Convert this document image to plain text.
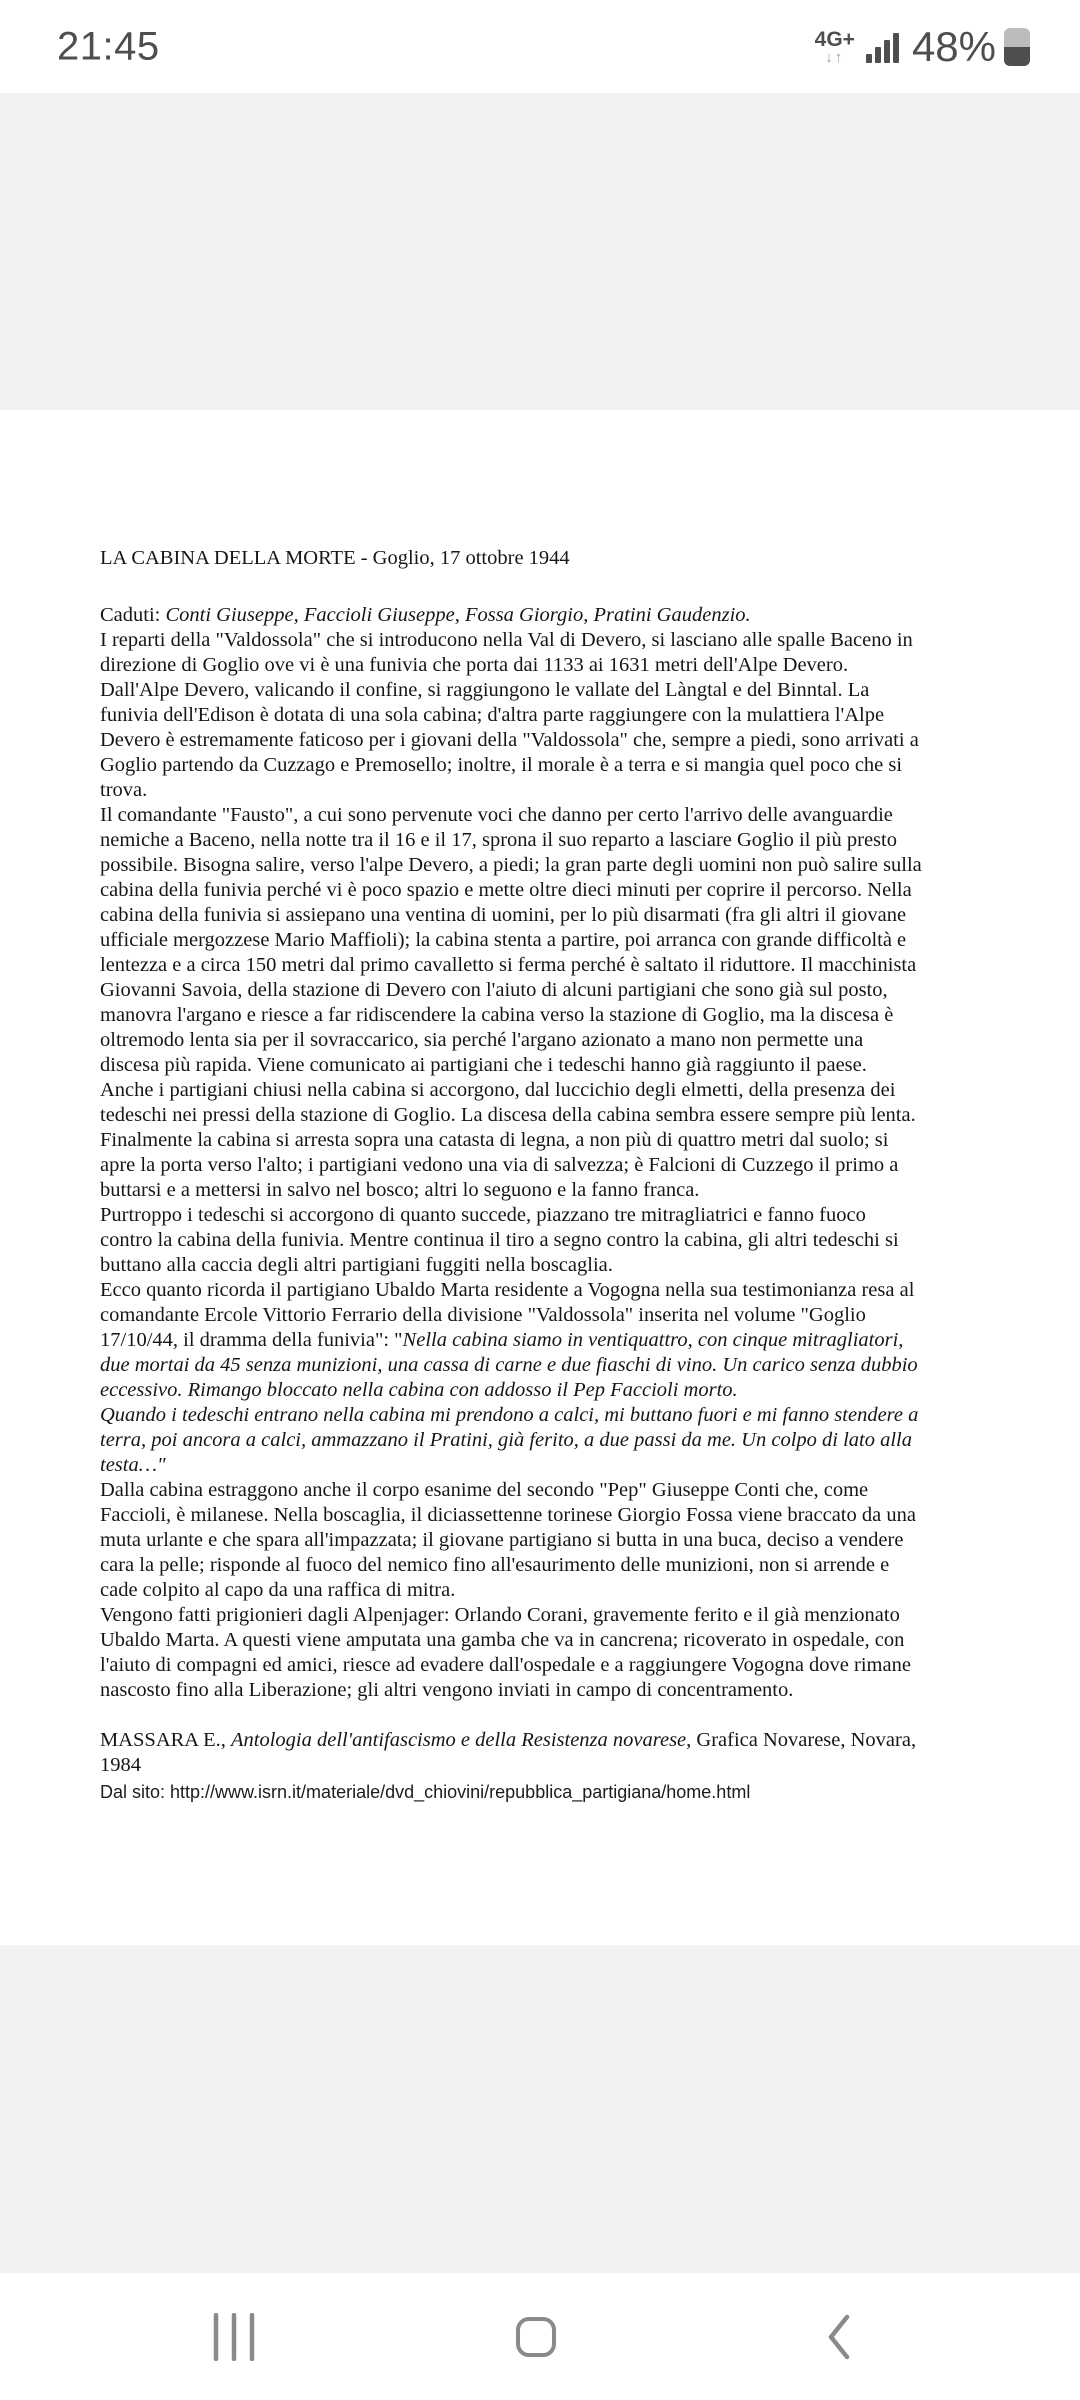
21:45	4G+
↓↑ 48%
LA CABINA DELLA MORTE - Goglio, 17 ottobre 1944
Caduti: Conti Giuseppe, Faccioli Giuseppe, Fossa Giorgio, Pratini Gaudenzio.
I reparti della "Valdossola" che si introducono nella Val di Devero, si lasciano alle spalle Baceno in
direzione di Goglio ove vi è una funivia che porta dai 1133 ai 1631 metri dell'Alpe Devero.
Dall'Alpe Devero, valicando il confine, si raggiungono le vallate del Làngtal e del Binntal. La
funivia dell'Edison è dotata di una sola cabina; d'altra parte raggiungere con la mulattiera l'Alpe
Devero è estremamente faticoso per i giovani della "Valdossola" che, sempre a piedi, sono arrivati a
Goglio partendo da Cuzzago e Premosello; inoltre, il morale è a terra e si mangia quel poco che si
trova.
Il comandante "Fausto", a cui sono pervenute voci che danno per certo l'arrivo delle avanguardie
nemiche a Baceno, nella notte tra il 16 e il 17, sprona il suo reparto a lasciare Goglio il più presto
possibile. Bisogna salire, verso l'alpe Devero, a piedi; la gran parte degli uomini non può salire sulla
cabina della funivia perché vi è poco spazio e mette oltre dieci minuti per coprire il percorso. Nella
cabina della funivia si assiepano una ventina di uomini, per lo più disarmati (fra gli altri il giovane
ufficiale mergozzese Mario Maffioli); la cabina stenta a partire, poi arranca con grande difficoltà e
lentezza e a circa 150 metri dal primo cavalletto si ferma perché è saltato il riduttore. Il macchinista
Giovanni Savoia, della stazione di Devero con l'aiuto di alcuni partigiani che sono già sul posto,
manovra l'argano e riesce a far ridiscendere la cabina verso la stazione di Goglio, ma la discesa è
oltremodo lenta sia per il sovraccarico, sia perché l'argano azionato a mano non permette una
discesa più rapida. Viene comunicato ai partigiani che i tedeschi hanno già raggiunto il paese.
Anche i partigiani chiusi nella cabina si accorgono, dal luccichio degli elmetti, della presenza dei
tedeschi nei pressi della stazione di Goglio. La discesa della cabina sembra essere sempre più lenta.
Finalmente la cabina si arresta sopra una catasta di legna, a non più di quattro metri dal suolo; si
apre la porta verso l'alto; i partigiani vedono una via di salvezza; è Falcioni di Cuzzego il primo a
buttarsi e a mettersi in salvo nel bosco; altri lo seguono e la fanno franca.
Purtroppo i tedeschi si accorgono di quanto succede, piazzano tre mitragliatrici e fanno fuoco
contro la cabina della funivia. Mentre continua il tiro a segno contro la cabina, gli altri tedeschi si
buttano alla caccia degli altri partigiani fuggiti nella boscaglia.
Ecco quanto ricorda il partigiano Ubaldo Marta residente a Vogogna nella sua testimonianza resa al
comandante Ercole Vittorio Ferrario della divisione "Valdossola" inserita nel volume "Goglio
17/10/44, il dramma della funivia": "Nella cabina siamo in ventiquattro, con cinque mitragliatori,
due mortai da 45 senza munizioni, una cassa di carne e due fiaschi di vino. Un carico senza dubbio
eccessivo. Rimango bloccato nella cabina con addosso il Pep Faccioli morto.
Quando i tedeschi entrano nella cabina mi prendono a calci, mi buttano fuori e mi fanno stendere a
terra, poi ancora a calci, ammazzano il Pratini, già ferito, a due passi da me. Un colpo di lato alla
testa…"
Dalla cabina estraggono anche il corpo esanime del secondo "Pep" Giuseppe Conti che, come
Faccioli, è milanese. Nella boscaglia, il diciassettenne torinese Giorgio Fossa viene braccato da una
muta urlante e che spara all'impazzata; il giovane partigiano si butta in una buca, deciso a vendere
cara la pelle; risponde al fuoco del nemico fino all'esaurimento delle munizioni, non si arrende e
cade colpito al capo da una raffica di mitra.
Vengono fatti prigionieri dagli Alpenjager: Orlando Corani, gravemente ferito e il già menzionato
Ubaldo Marta. A questi viene amputata una gamba che va in cancrena; ricoverato in ospedale, con
l'aiuto di compagni ed amici, riesce ad evadere dall'ospedale e a raggiungere Vogogna dove rimane
nascosto fino alla Liberazione; gli altri vengono inviati in campo di concentramento.
MASSARA E., Antologia dell'antifascismo e della Resistenza novarese, Grafica Novarese, Novara,
1984
Dal sito: http://www.isrn.it/materiale/dvd_chiovini/repubblica_partigiana/home.html
